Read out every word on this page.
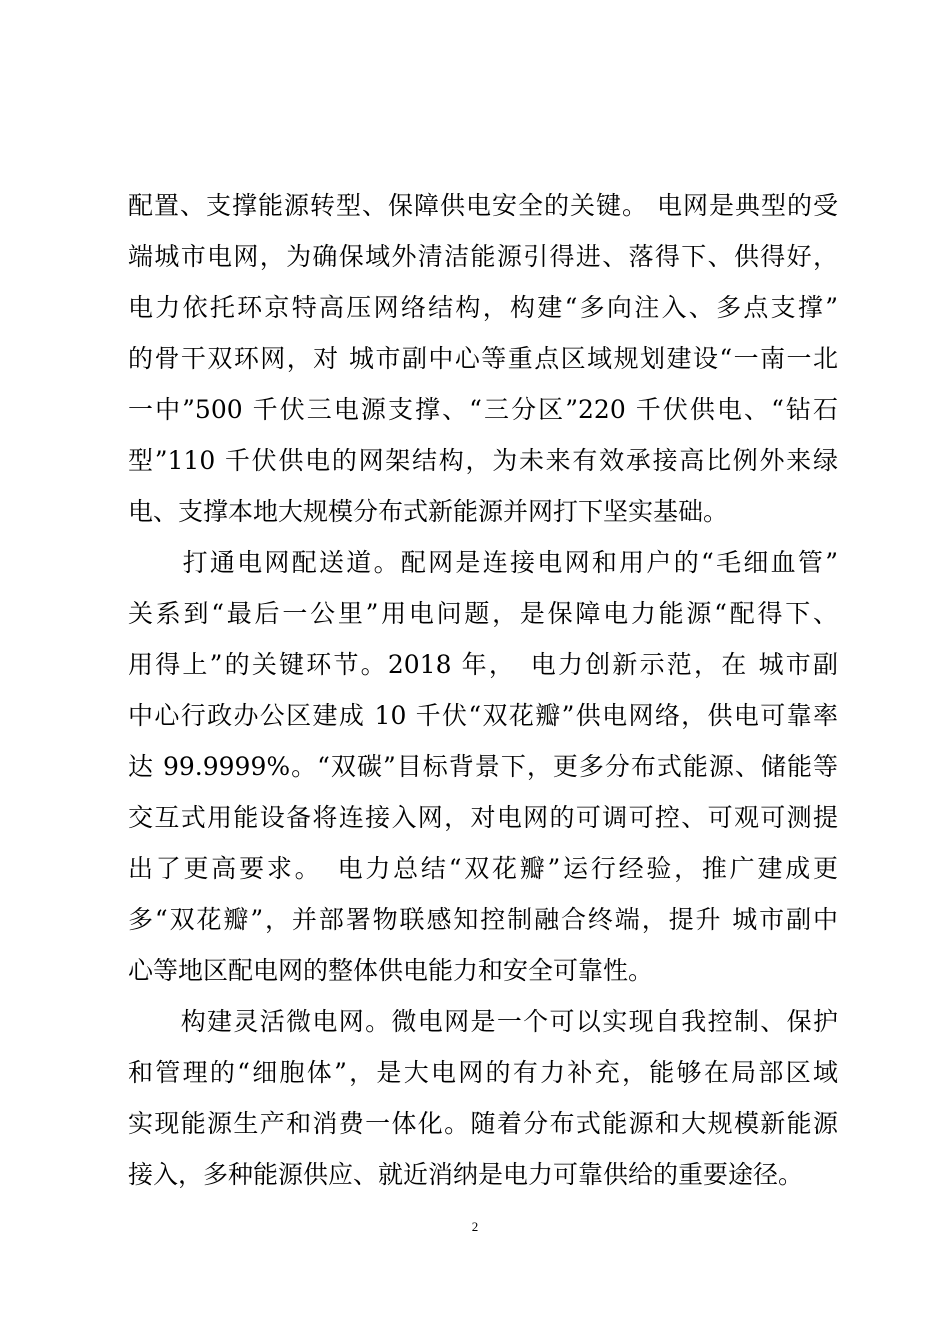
配置、支撑能源转型、保障供电安全的关键。 电网是典型的受
端城市电网，为确保域外清洁能源引得进、落得下、供得好，
电力依托环京特高压网络结构，构建“多向注入、多点支撑”
的骨干双环网，对 城市副中心等重点区域规划建设“一南一北
一中”500 千伏三电源支撑、“三分区”220 千伏供电、“钻石
型”110 千伏供电的网架结构，为未来有效承接高比例外来绿
电、支撑本地大规模分布式新能源并网打下坚实基础。
　　打通电网配送道。配网是连接电网和用户的“毛细血管”
关系到“最后一公里”用电问题，是保障电力能源“配得下、
用得上”的关键环节。2018 年，　电力创新示范，在 城市副
中心行政办公区建成 10 千伏“双花瓣”供电网络，供电可靠率
达 99.9999%。“双碳”目标背景下，更多分布式能源、储能等
交互式用能设备将连接入网，对电网的可调可控、可观可测提
出了更高要求。　电力总结“双花瓣”运行经验，推广建成更
多“双花瓣”，并部署物联感知控制融合终端，提升 城市副中
心等地区配电网的整体供电能力和安全可靠性。
　　构建灵活微电网。微电网是一个可以实现自我控制、保护
和管理的“细胞体”，是大电网的有力补充，能够在局部区域
实现能源生产和消费一体化。随着分布式能源和大规模新能源
接入，多种能源供应、就近消纳是电力可靠供给的重要途径。
2
